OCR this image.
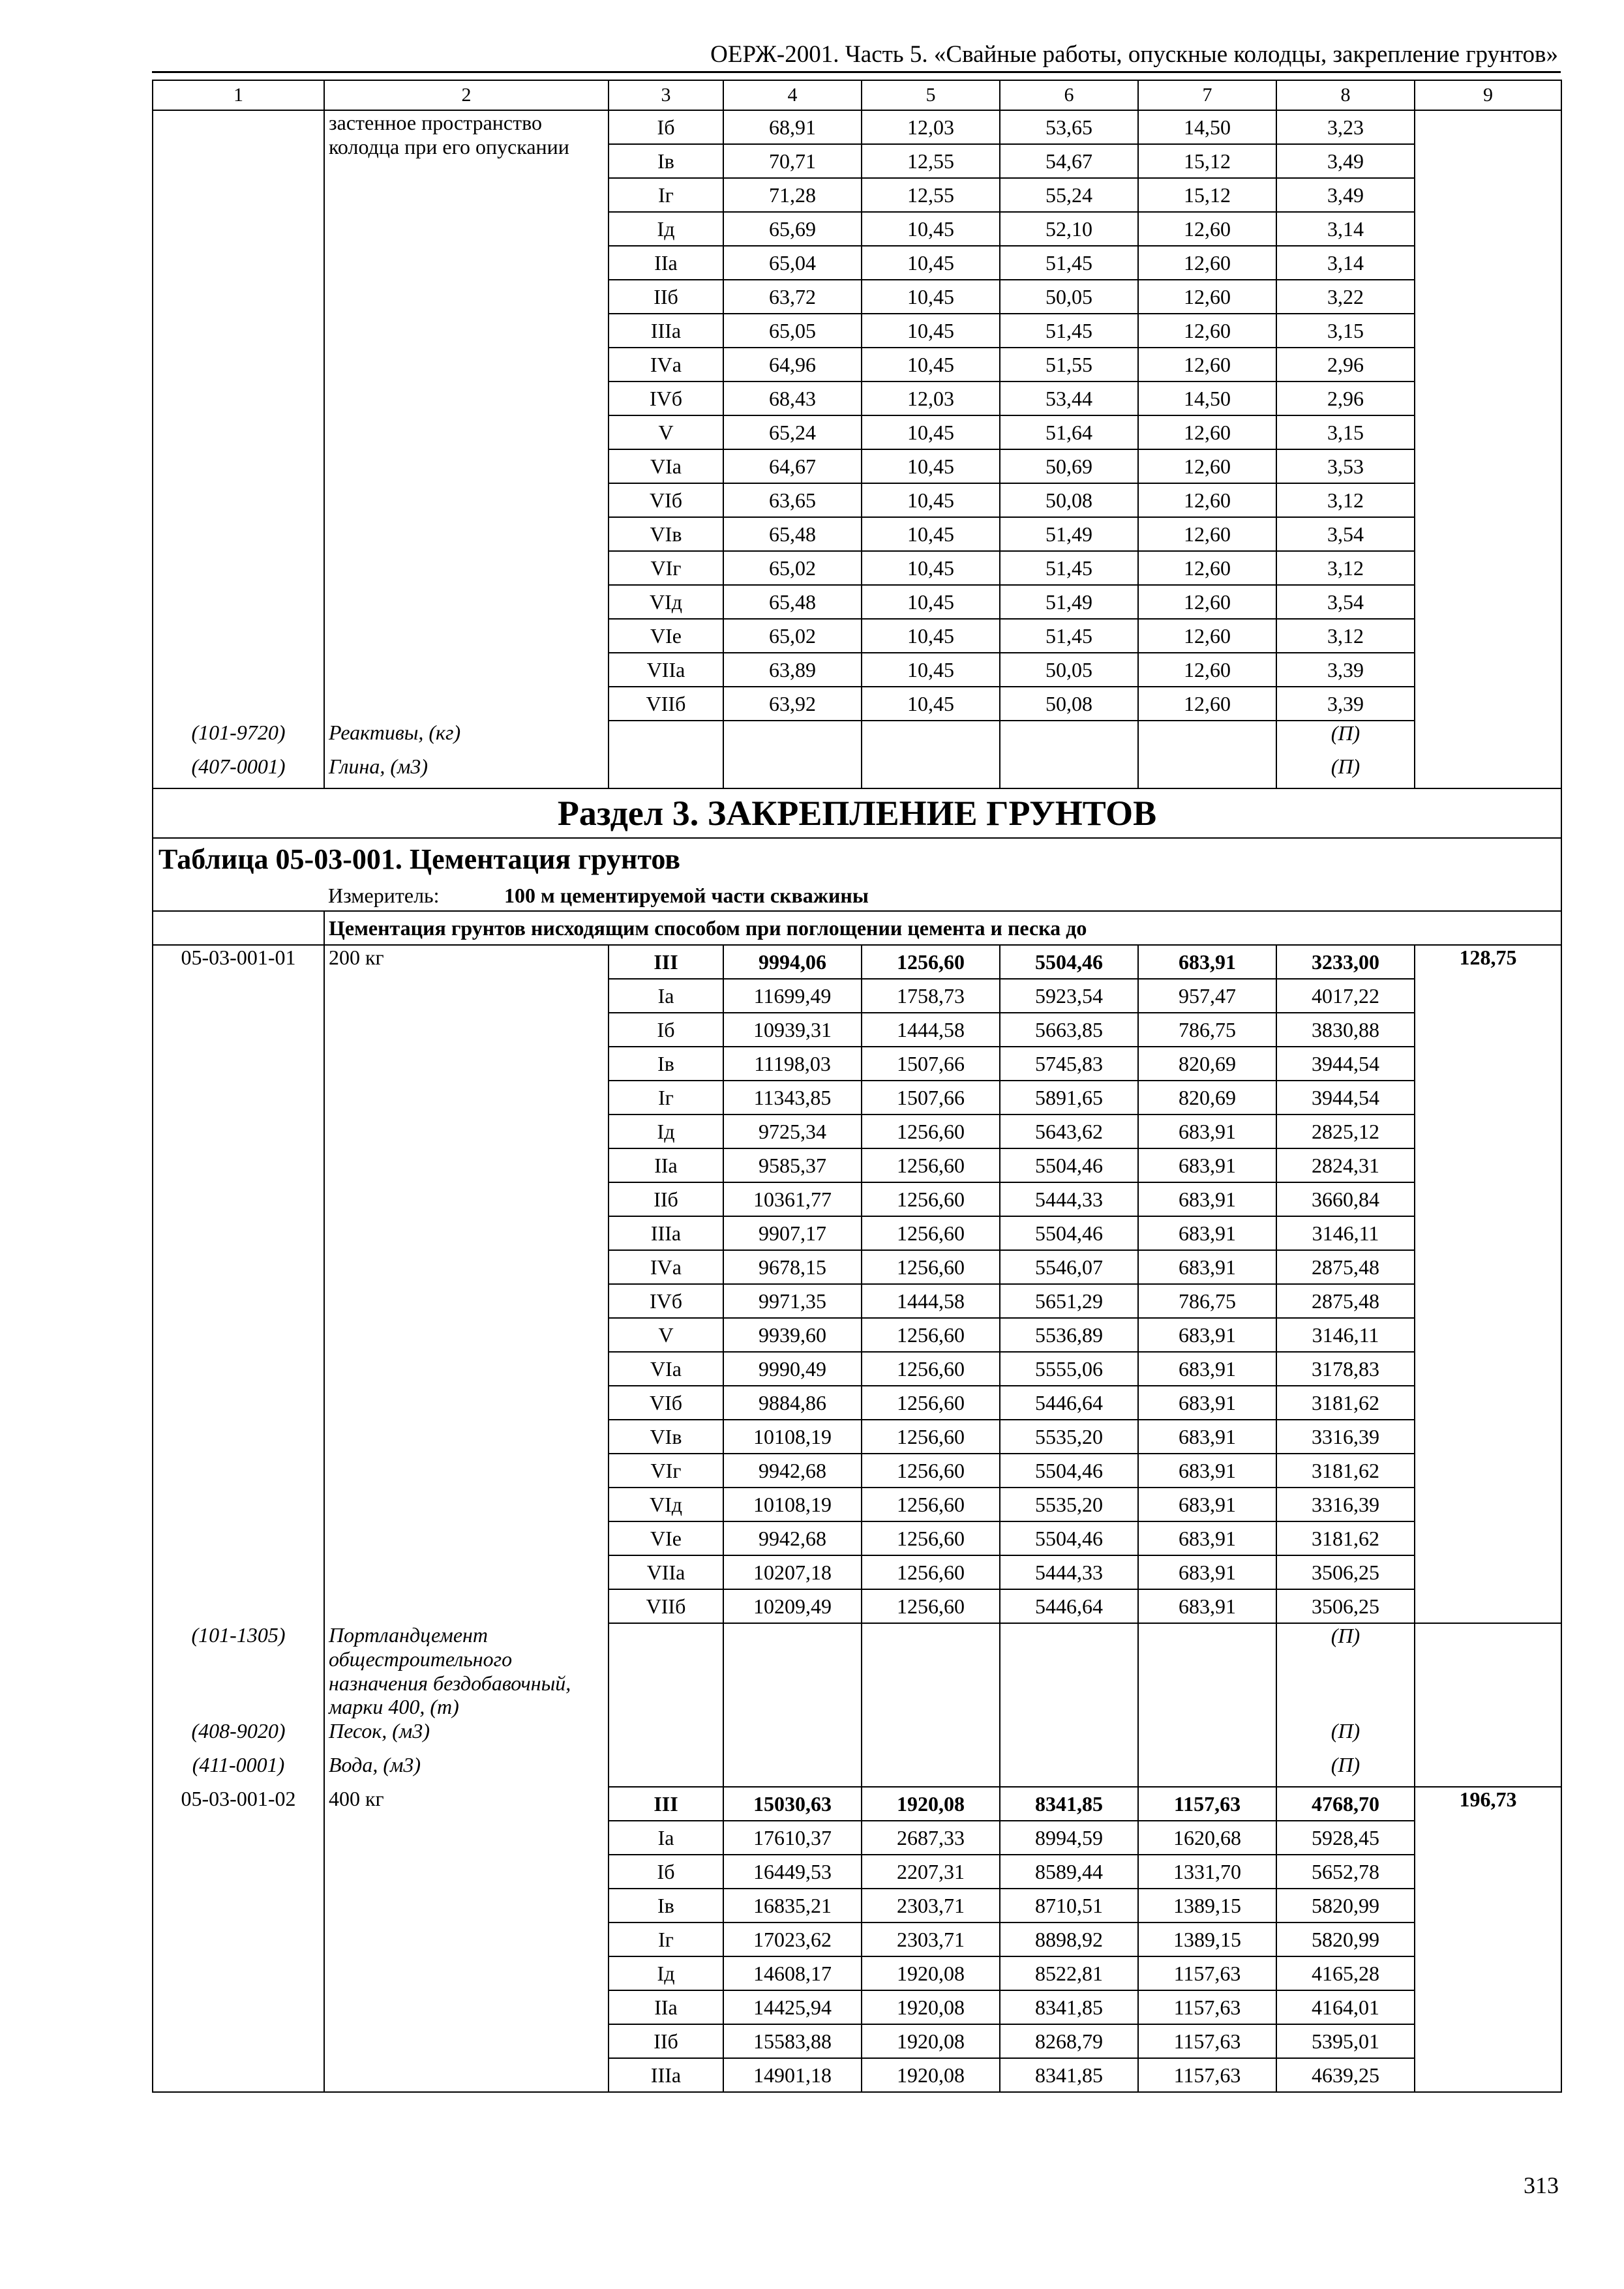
ОЕРЖ-2001. Часть 5. «Свайные работы, опускные колодцы, закрепление грунтов»
1	2	3	4	5	6	7	8	9
	застенное пространство колодца при его опускании	Iб	68,91	12,03	53,65	14,50	3,23	
Iв	70,71	12,55	54,67	15,12	3,49
Iг	71,28	12,55	55,24	15,12	3,49
Iд	65,69	10,45	52,10	12,60	3,14
IIа	65,04	10,45	51,45	12,60	3,14
IIб	63,72	10,45	50,05	12,60	3,22
IIIа	65,05	10,45	51,45	12,60	3,15
IVа	64,96	10,45	51,55	12,60	2,96
IVб	68,43	12,03	53,44	14,50	2,96
V	65,24	10,45	51,64	12,60	3,15
VIа	64,67	10,45	50,69	12,60	3,53
VIб	63,65	10,45	50,08	12,60	3,12
VIв	65,48	10,45	51,49	12,60	3,54
VIг	65,02	10,45	51,45	12,60	3,12
VIд	65,48	10,45	51,49	12,60	3,54
VIе	65,02	10,45	51,45	12,60	3,12
VIIа	63,89	10,45	50,05	12,60	3,39
VIIб	63,92	10,45	50,08	12,60	3,39
(101-9720)	Реактивы, (кг)						(П)	
(407-0001)	Глина, (м3)						(П)	
Раздел 3. ЗАКРЕПЛЕНИЕ ГРУНТОВ
Таблица 05-03-001. Цементация грунтов
	Измеритель:	100 м цементируемой части скважины
	Цементация грунтов нисходящим способом при поглощении цемента и песка до
05-03-001-01	200 кг	III	9994,06	1256,60	5504,46	683,91	3233,00	128,75
Iа	11699,49	1758,73	5923,54	957,47	4017,22
Iб	10939,31	1444,58	5663,85	786,75	3830,88
Iв	11198,03	1507,66	5745,83	820,69	3944,54
Iг	11343,85	1507,66	5891,65	820,69	3944,54
Iд	9725,34	1256,60	5643,62	683,91	2825,12
IIа	9585,37	1256,60	5504,46	683,91	2824,31
IIб	10361,77	1256,60	5444,33	683,91	3660,84
IIIа	9907,17	1256,60	5504,46	683,91	3146,11
IVа	9678,15	1256,60	5546,07	683,91	2875,48
IVб	9971,35	1444,58	5651,29	786,75	2875,48
V	9939,60	1256,60	5536,89	683,91	3146,11
VIа	9990,49	1256,60	5555,06	683,91	3178,83
VIб	9884,86	1256,60	5446,64	683,91	3181,62
VIв	10108,19	1256,60	5535,20	683,91	3316,39
VIг	9942,68	1256,60	5504,46	683,91	3181,62
VIд	10108,19	1256,60	5535,20	683,91	3316,39
VIе	9942,68	1256,60	5504,46	683,91	3181,62
VIIа	10207,18	1256,60	5444,33	683,91	3506,25
VIIб	10209,49	1256,60	5446,64	683,91	3506,25
(101-1305)	Портландцемент общестроительного назначения бездобавочный, марки 400, (т)						(П)	
(408-9020)	Песок, (м3)						(П)	
(411-0001)	Вода, (м3)						(П)	
05-03-001-02	400 кг	III	15030,63	1920,08	8341,85	1157,63	4768,70	196,73
Iа	17610,37	2687,33	8994,59	1620,68	5928,45
Iб	16449,53	2207,31	8589,44	1331,70	5652,78
Iв	16835,21	2303,71	8710,51	1389,15	5820,99
Iг	17023,62	2303,71	8898,92	1389,15	5820,99
Iд	14608,17	1920,08	8522,81	1157,63	4165,28
IIа	14425,94	1920,08	8341,85	1157,63	4164,01
IIб	15583,88	1920,08	8268,79	1157,63	5395,01
IIIа	14901,18	1920,08	8341,85	1157,63	4639,25
313
